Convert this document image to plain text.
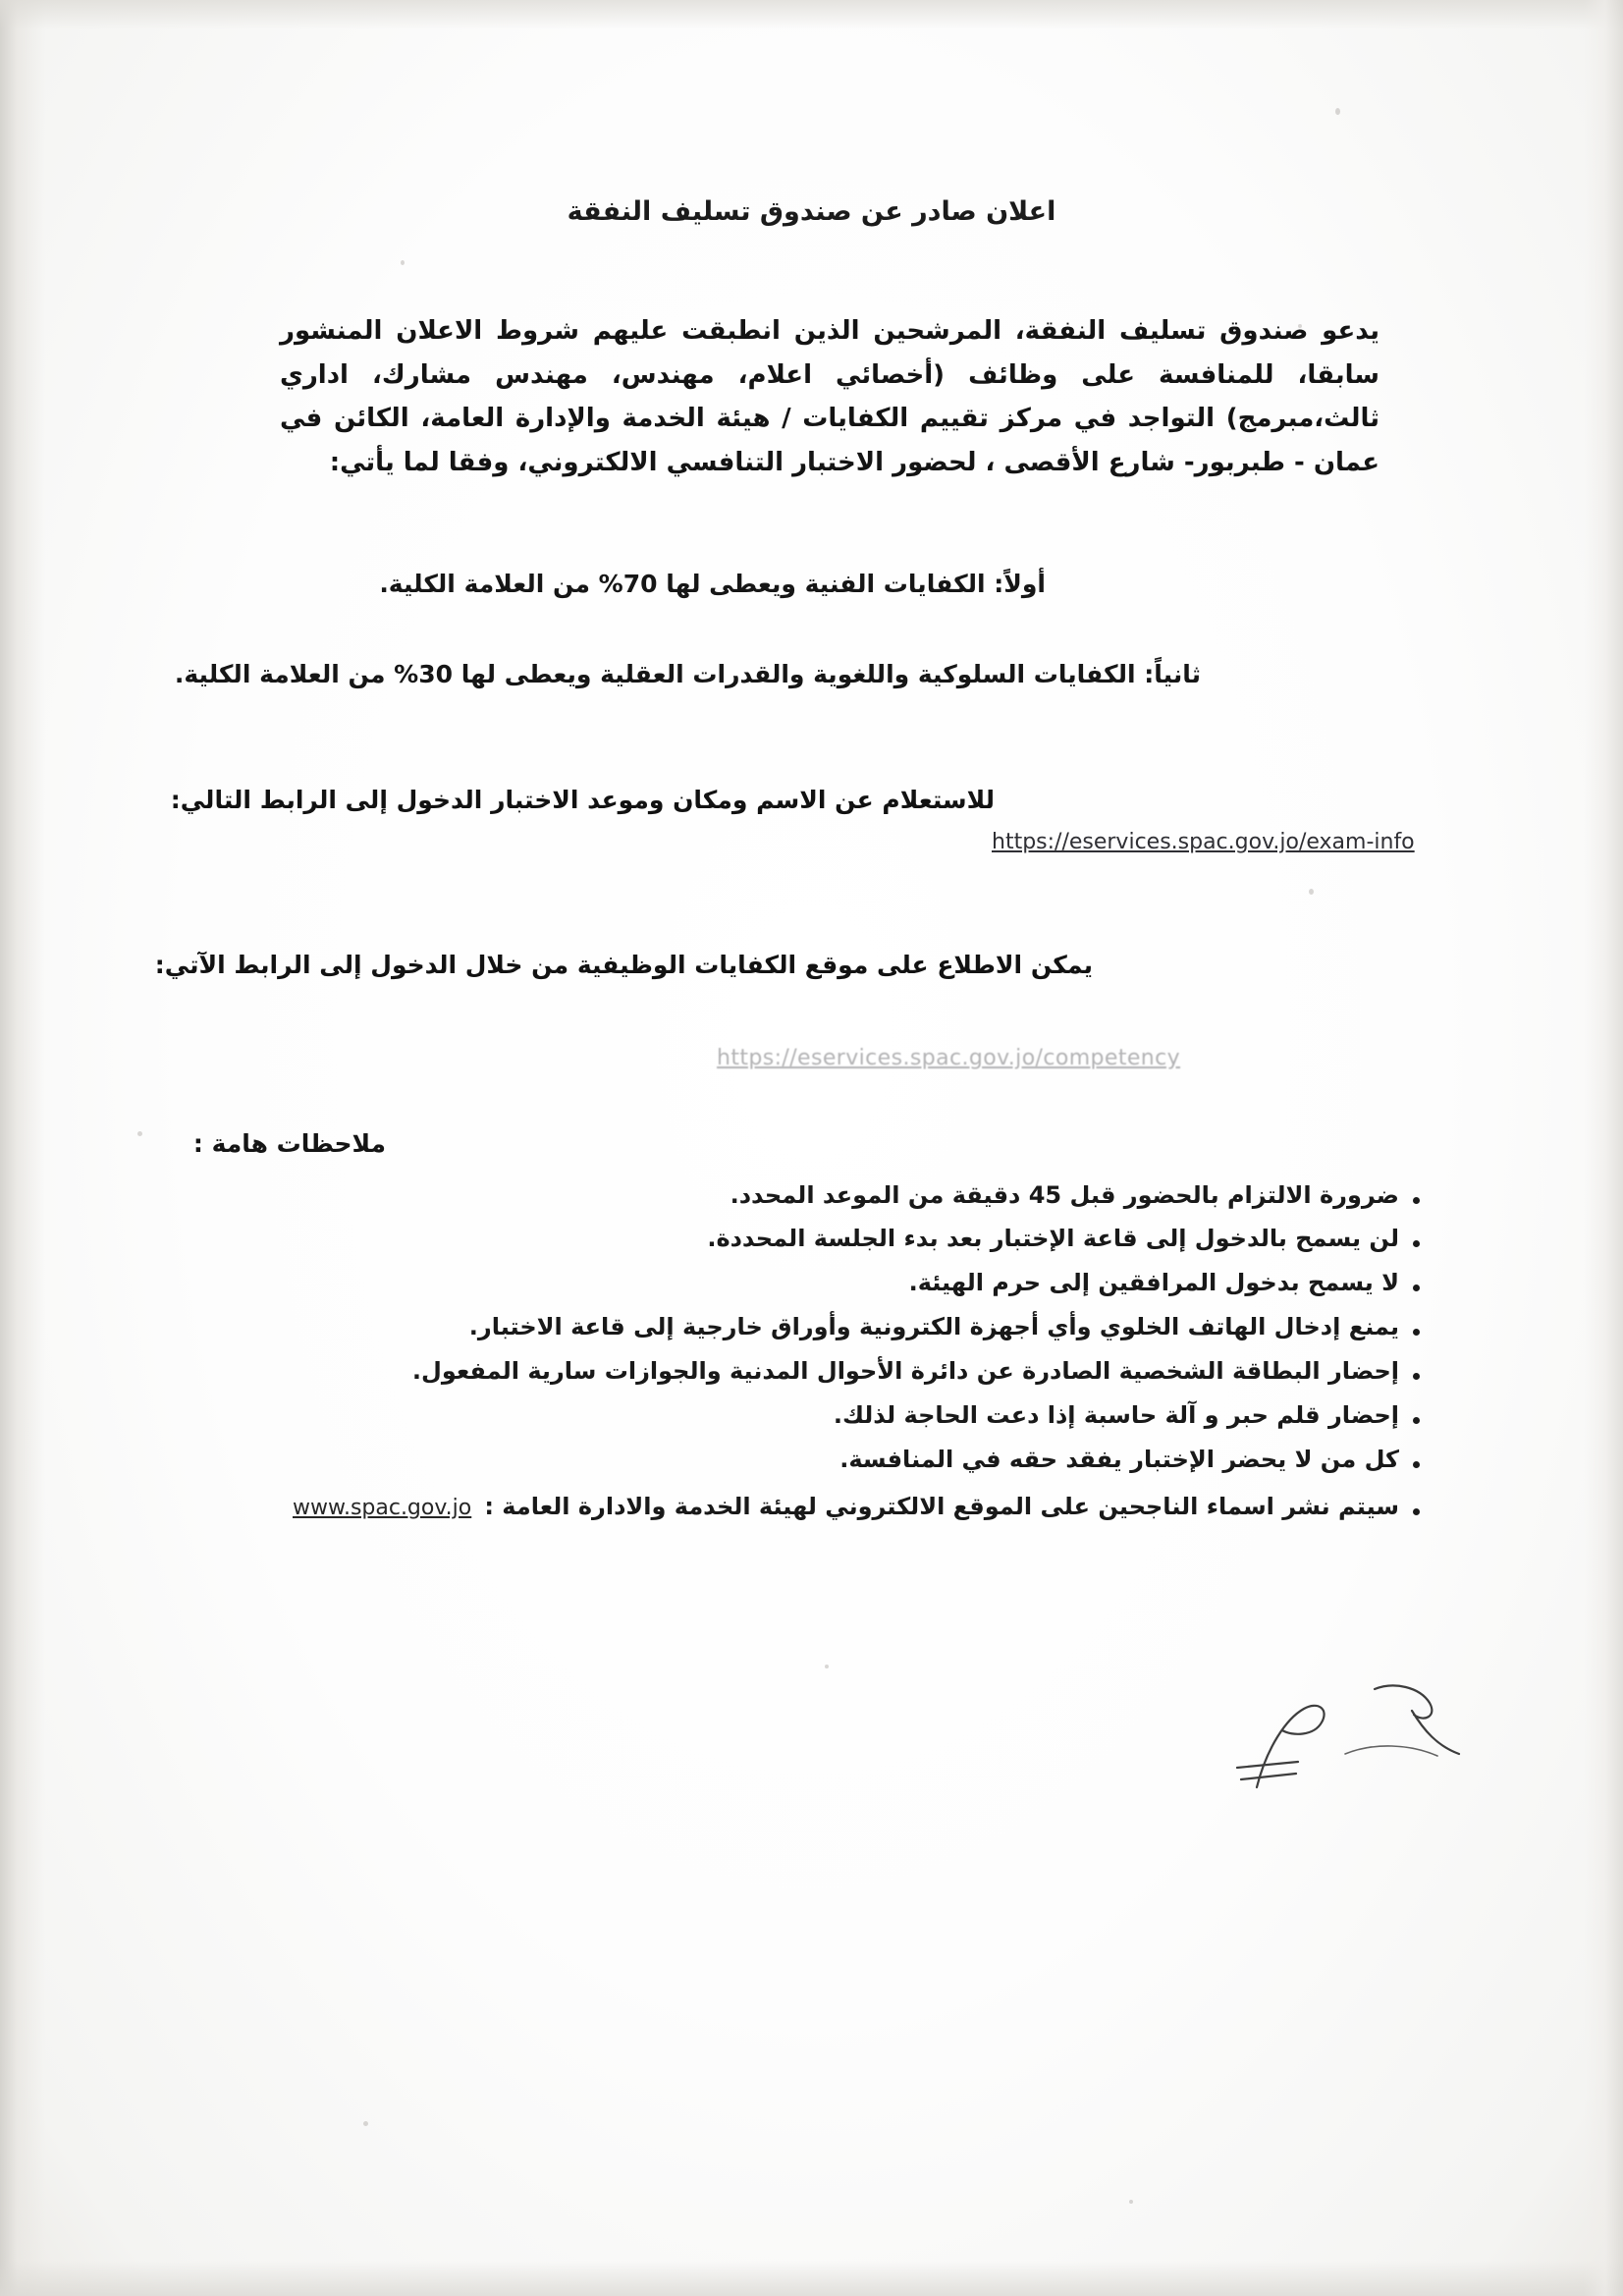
اعلان صادر عن صندوق تسليف النفقة
يدعو صندوق تسليف النفقة، المرشحين الذين انطبقت عليهم شروط الاعلان المنشور سابقا، للمنافسة على وظائف (أخصائي اعلام، مهندس، مهندس مشارك، اداري ثالث،مبرمج) التواجد في مركز تقييم الكفايات / هيئة الخدمة والإدارة العامة، الكائن في عمان - طبربور- شارع الأقصى ، لحضور الاختبار التنافسي الالكتروني، وفقا لما يأتي:
أولاً: الكفايات الفنية ويعطى لها 70% من العلامة الكلية.
ثانياً: الكفايات السلوكية واللغوية والقدرات العقلية ويعطى لها 30% من العلامة الكلية.
للاستعلام عن الاسم ومكان وموعد الاختبار الدخول إلى الرابط التالي:
https://eservices.spac.gov.jo/exam-info
يمكن الاطلاع على موقع الكفايات الوظيفية من خلال الدخول إلى الرابط الآتي:
https://eservices.spac.gov.jo/competency
ملاحظات هامة :
ضرورة الالتزام بالحضور قبل 45 دقيقة من الموعد المحدد.
لن يسمح بالدخول إلى قاعة الإختبار بعد بدء الجلسة المحددة.
لا يسمح بدخول المرافقين إلى حرم الهيئة.
يمنع إدخال الهاتف الخلوي وأي أجهزة الكترونية وأوراق خارجية إلى قاعة الاختبار.
إحضار البطاقة الشخصية الصادرة عن دائرة الأحوال المدنية والجوازات سارية المفعول.
إحضار قلم حبر و آلة حاسبة إذا دعت الحاجة لذلك.
كل من لا يحضر الإختبار يفقد حقه في المنافسة.
سيتم نشر اسماء الناجحين على الموقع الالكتروني لهيئة الخدمة والادارة العامة : www.spac.gov.jo
